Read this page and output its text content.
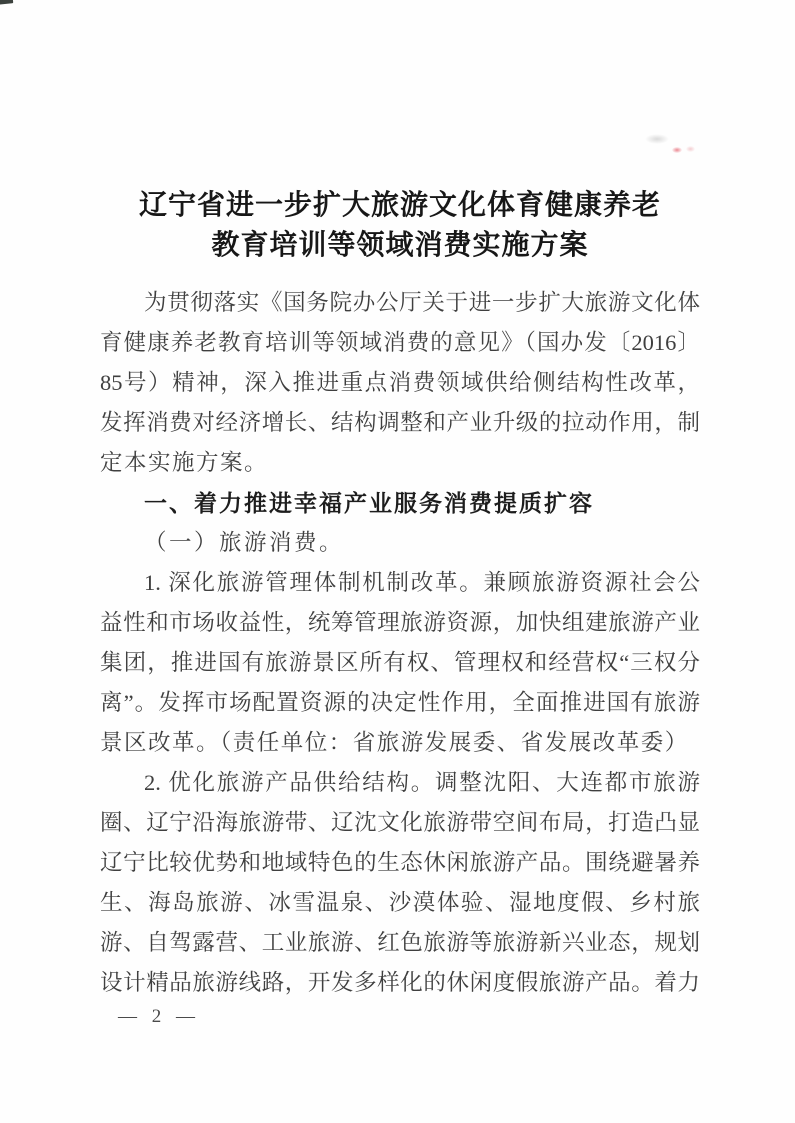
辽宁省进一步扩大旅游文化体育健康养老
教育培训等领域消费实施方案
为贯彻落实《国务院办公厅关于进一步扩大旅游文化体
育健康养老教育培训等领域消费的意见》（国办发〔2016〕
85号）精神，深入推进重点消费领域供给侧结构性改革，
发挥消费对经济增长、结构调整和产业升级的拉动作用，制
定本实施方案。
一、着力推进幸福产业服务消费提质扩容
（一）旅游消费。
1. 深化旅游管理体制机制改革。兼顾旅游资源社会公
益性和市场收益性，统筹管理旅游资源，加快组建旅游产业
集团，推进国有旅游景区所有权、管理权和经营权“三权分
离”。发挥市场配置资源的决定性作用，全面推进国有旅游
景区改革。（责任单位：省旅游发展委、省发展改革委）
2. 优化旅游产品供给结构。调整沈阳、大连都市旅游
圈、辽宁沿海旅游带、辽沈文化旅游带空间布局，打造凸显
辽宁比较优势和地域特色的生态休闲旅游产品。围绕避暑养
生、海岛旅游、冰雪温泉、沙漠体验、湿地度假、乡村旅
游、自驾露营、工业旅游、红色旅游等旅游新兴业态，规划
设计精品旅游线路，开发多样化的休闲度假旅游产品。着力
— 2 —
